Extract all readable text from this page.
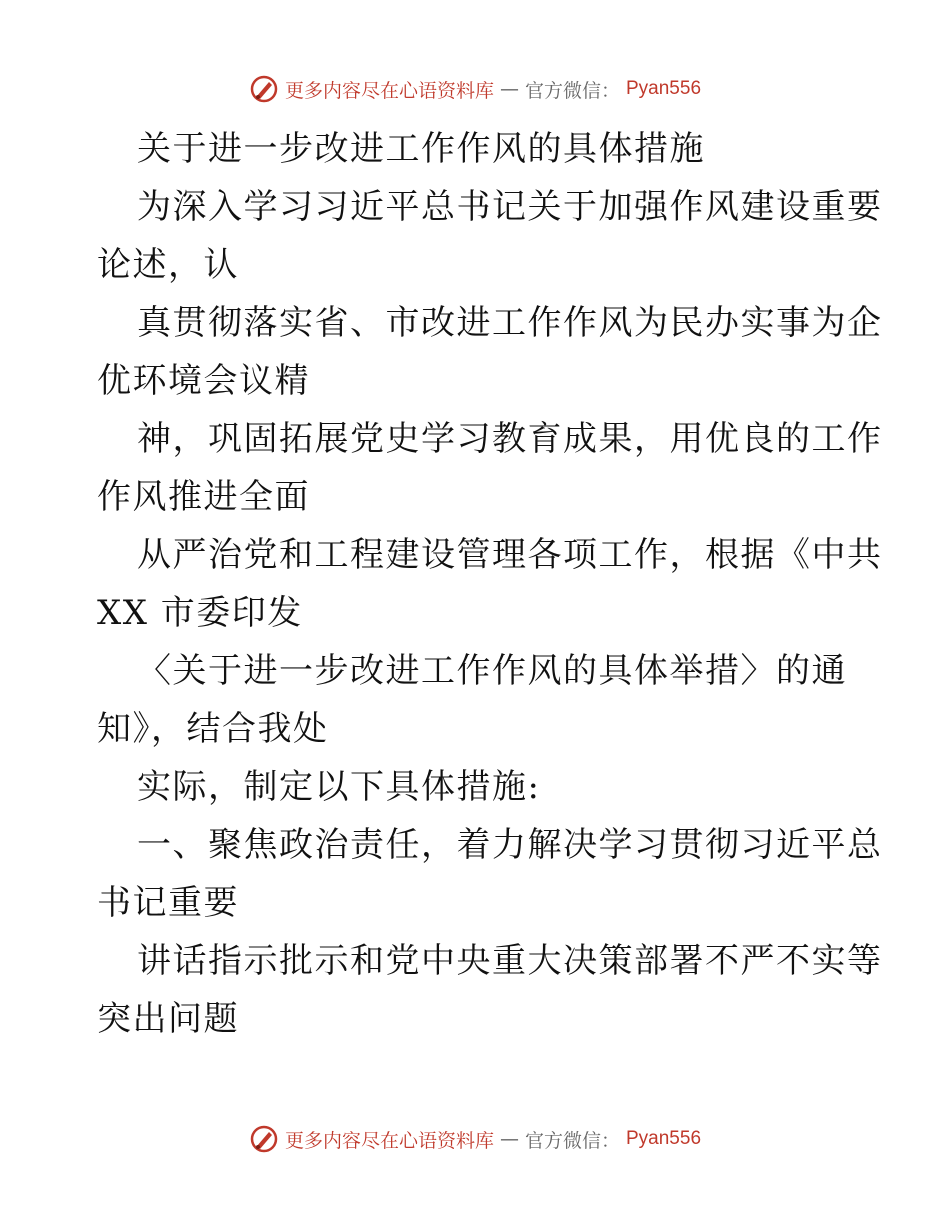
更多内容尽在心语资料库 — 官方微信： Pyan556
关于进一步改进工作作风的具体措施
为深入学习习近平总书记关于加强作风建设重要
论述，认
真贯彻落实省、市改进工作作风为民办实事为企
优环境会议精
神，巩固拓展党史学习教育成果，用优良的工作
作风推进全面
从严治党和工程建设管理各项工作，根据《中共
XX 市委印发
〈关于进一步改进工作作风的具体举措〉的通
知》，结合我处
实际，制定以下具体措施:
一、聚焦政治责任，着力解决学习贯彻习近平总
书记重要
讲话指示批示和党中央重大决策部署不严不实等
突出问题
更多内容尽在心语资料库 — 官方微信： Pyan556
